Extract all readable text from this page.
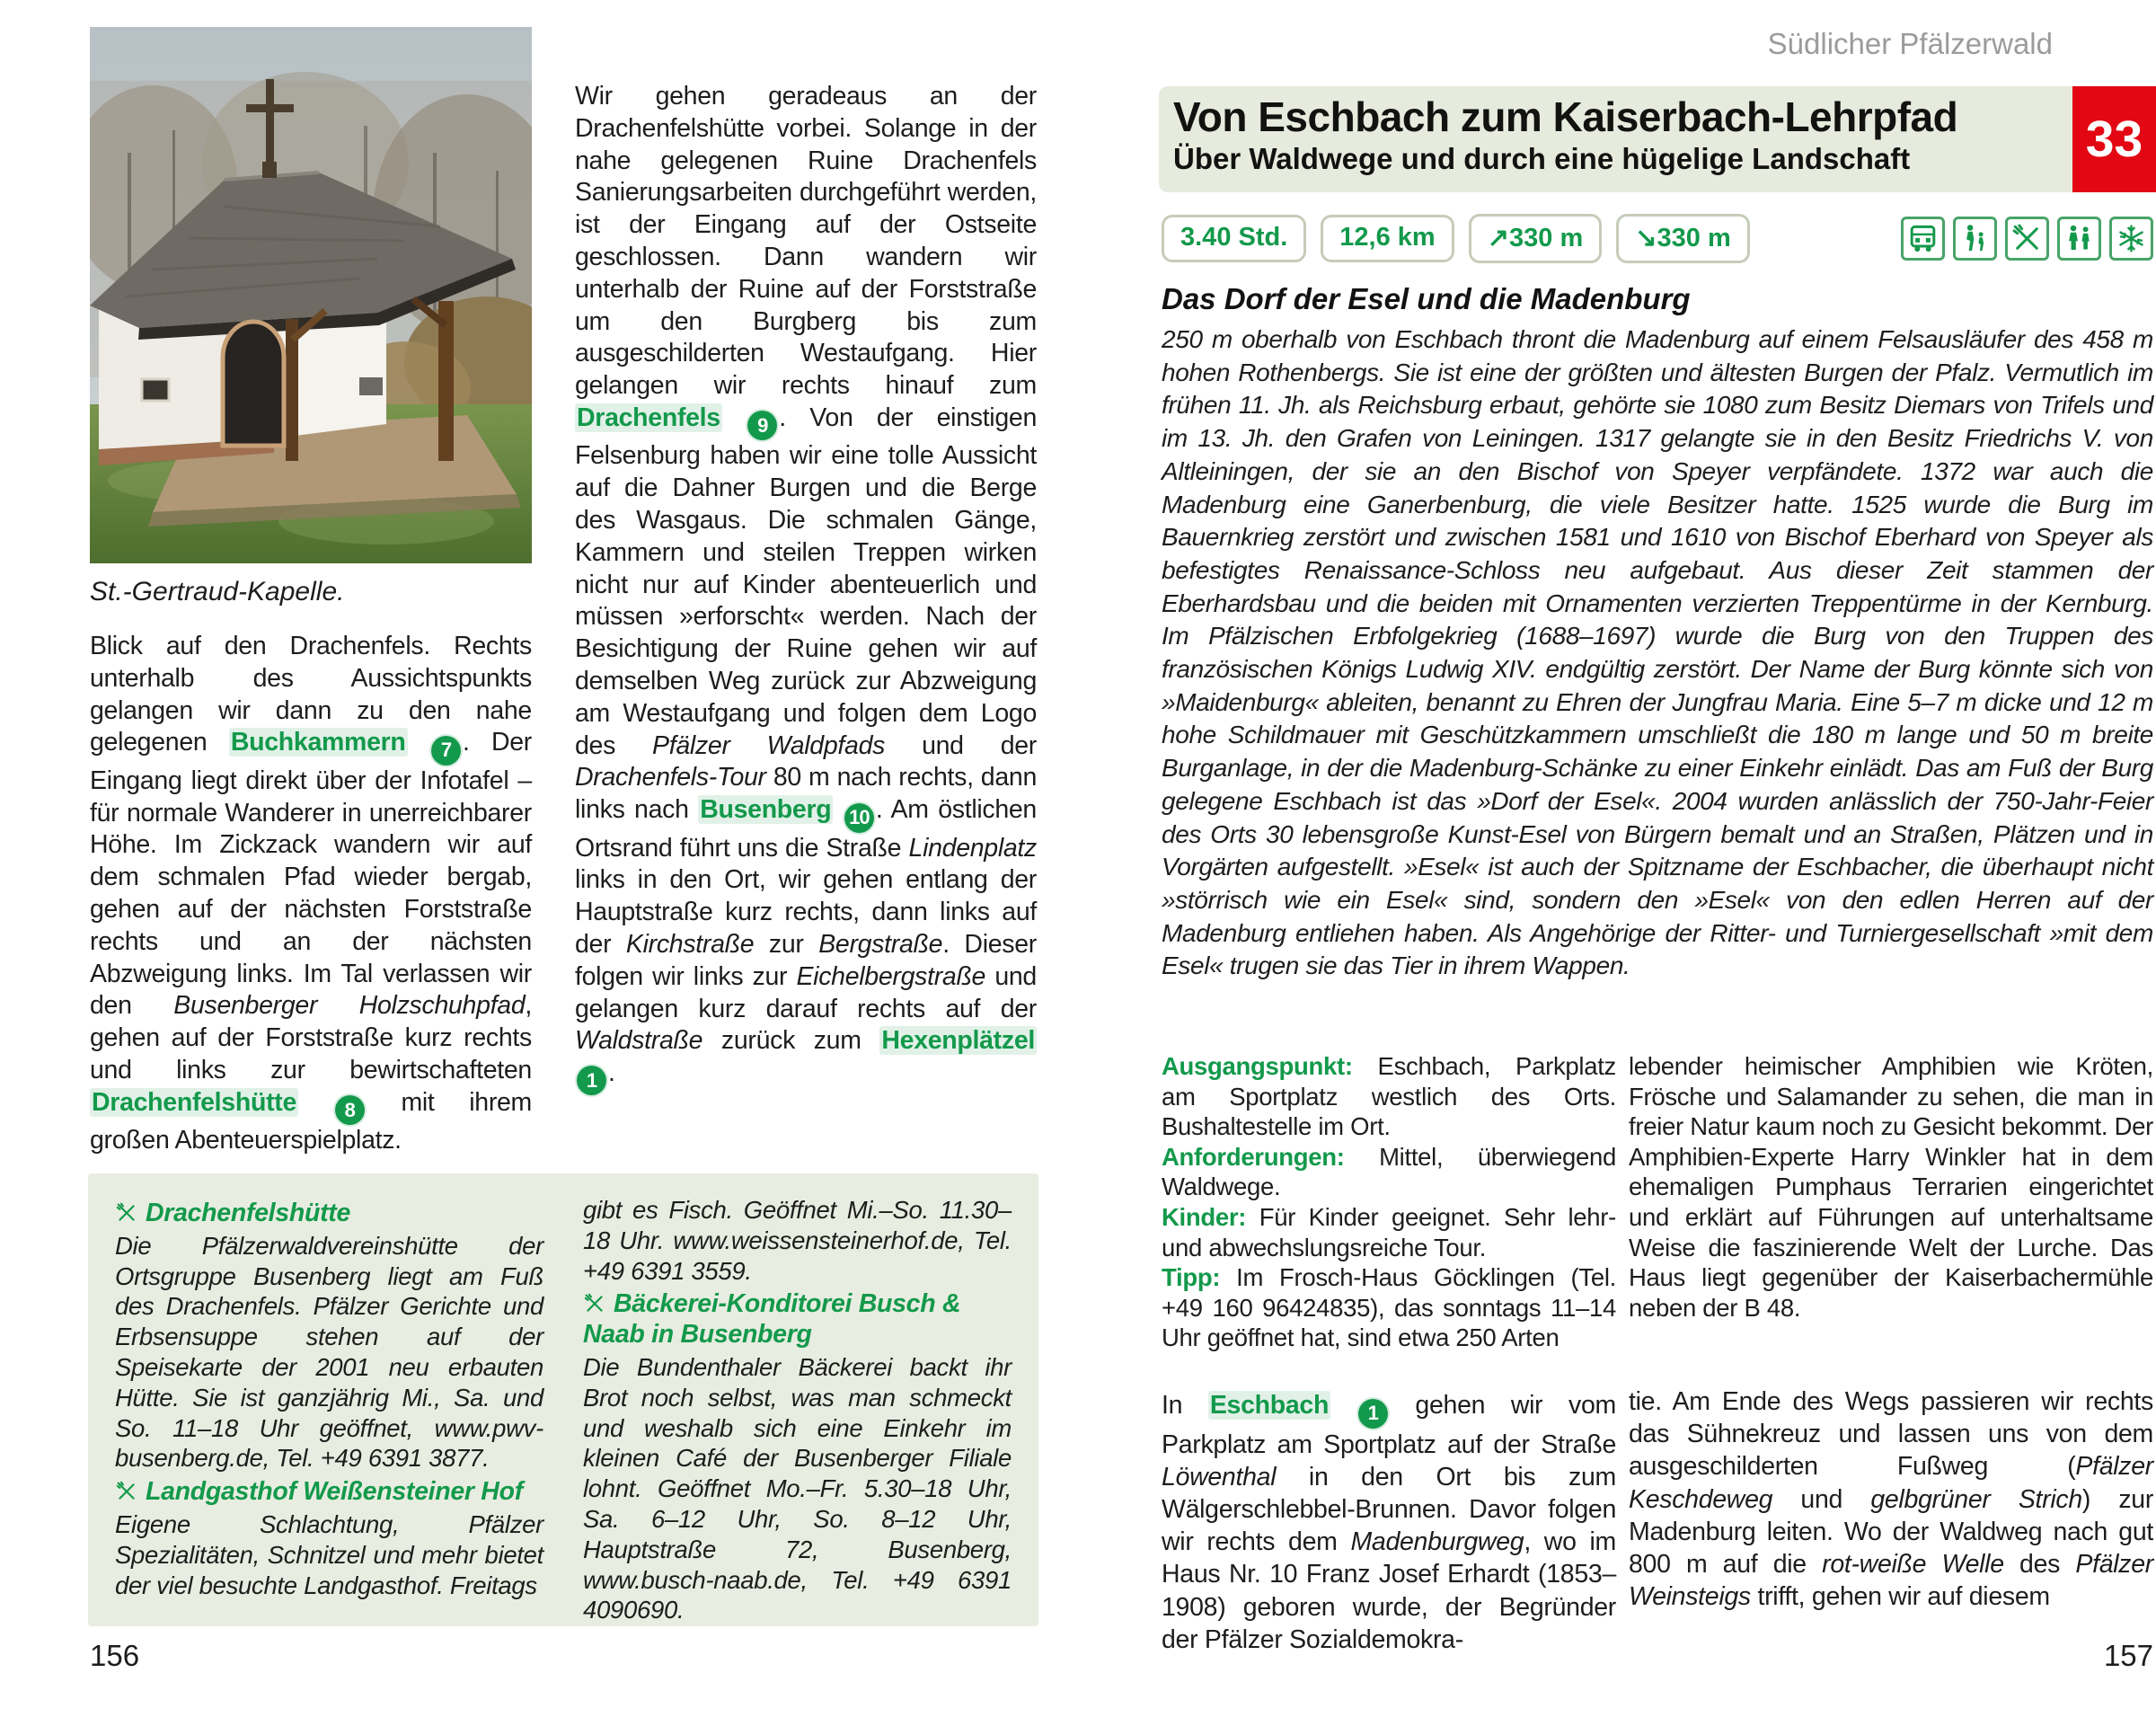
St.-Gertraud-Kapelle.
Blick auf den Drachenfels. Rechts unterhalb des Aussichtspunkts gelangen wir dann zu den nahe gelegenen Buchkammern 7 . Der Eingang liegt direkt über der Infotafel – für normale Wanderer in unerreichbarer Höhe. Im Zickzack wandern wir auf dem schmalen Pfad wieder bergab, gehen auf der nächsten Forststraße rechts und an der nächsten Abzweigung links. Im Tal verlassen wir den Busenberger Holzschuhpfad, gehen auf der Forststraße kurz rechts und links zur bewirtschafteten Drachenfelshütte 8 mit ihrem großen Abenteuerspielplatz.
Wir gehen geradeaus an der Drachenfelshütte vorbei. Solange in der nahe gelegenen Ruine Drachenfels Sanierungsarbeiten durchgeführt werden, ist der Eingang auf der Ostseite geschlossen. Dann wandern wir unterhalb der Ruine auf der Forststraße um den Burgberg bis zum ausgeschilderten Westaufgang. Hier gelangen wir rechts hinauf zum Drachenfels 9 . Von der einstigen Felsenburg haben wir eine tolle Aussicht auf die Dahner Burgen und die Berge des Wasgaus. Die schmalen Gänge, Kammern und steilen Treppen wirken nicht nur auf Kinder abenteuerlich und müssen »erforscht« werden. Nach der Besichtigung der Ruine gehen wir auf demselben Weg zurück zur Abzweigung am Westaufgang und folgen dem Logo des Pfälzer Waldpfads und der Drachenfels-Tour 80 m nach rechts, dann links nach Busenberg 10 . Am östlichen Ortsrand führt uns die Straße Lindenplatz links in den Ort, wir gehen entlang der Hauptstraße kurz rechts, dann links auf der Kirchstraße zur Bergstraße. Dieser folgen wir links zur Eichelbergstraße und gelangen kurz darauf rechts auf der Waldstraße zurück zum Hexenplätzel 1 .
Drachenfelshütte
Die Pfälzerwaldvereinshütte der Ortsgruppe Busenberg liegt am Fuß des Drachenfels. Pfälzer Gerichte und Erbsensuppe stehen auf der Speisekarte der 2001 neu erbauten Hütte. Sie ist ganzjährig Mi., Sa. und So. 11–18 Uhr geöffnet, www.pwv-busenberg.de, Tel. +49 6391 3877.
Landgasthof Weißensteiner Hof
Eigene Schlachtung, Pfälzer Spezialitäten, Schnitzel und mehr bietet der viel besuchte Landgasthof. Freitags
gibt es Fisch. Geöffnet Mi.–So. 11.30–18 Uhr. www.weissensteinerhof.de, Tel. +49 6391 3559.
Bäckerei-Konditorei Busch & Naab in Busenberg
Die Bundenthaler Bäckerei backt ihr Brot noch selbst, was man schmeckt und weshalb sich eine Einkehr im kleinen Café der Busenberger Filiale lohnt. Geöffnet Mo.–Fr. 5.30–18 Uhr, Sa. 6–12 Uhr, So. 8–12 Uhr, Hauptstraße 72, Busenberg, www.busch-naab.de, Tel. +49 6391 4090690.
156
Südlicher Pfälzerwald
Von Eschbach zum Kaiserbach-Lehrpfad
Über Waldwege und durch eine hügelige Landschaft	33
3.40 Std.	12,6 km	↗330 m	↘330 m
Das Dorf der Esel und die Madenburg

250 m oberhalb von Eschbach thront die Madenburg auf einem Felsausläufer des 458 m hohen Rothenbergs. Sie ist eine der größten und ältesten Burgen der Pfalz. Vermutlich im frühen 11. Jh. als Reichsburg erbaut, gehörte sie 1080 zum Besitz Diemars von Trifels und im 13. Jh. den Grafen von Leiningen. 1317 gelangte sie in den Besitz Friedrichs V. von Altleiningen, der sie an den Bischof von Speyer verpfändete. 1372 war auch die Madenburg eine Ganerbenburg, die viele Besitzer hatte. 1525 wurde die Burg im Bauernkrieg zerstört und zwischen 1581 und 1610 von Bischof Eberhard von Speyer als befestigtes Renaissance-Schloss neu aufgebaut. Aus dieser Zeit stammen der Eberhardsbau und die beiden mit Ornamenten verzierten Treppentürme in der Kernburg. Im Pfälzischen Erbfolgekrieg (1688–1697) wurde die Burg von den Truppen des französischen Königs Ludwig XIV. endgültig zerstört. Der Name der Burg könnte sich von »Maidenburg« ableiten, benannt zu Ehren der Jungfrau Maria. Eine 5–7 m dicke und 12 m hohe Schildmauer mit Geschützkammern umschließt die 180 m lange und 50 m breite Burganlage, in der die Madenburg-Schänke zu einer Einkehr einlädt. Das am Fuß der Burg gelegene Eschbach ist das »Dorf der Esel«. 2004 wurden anlässlich der 750-Jahr-Feier des Orts 30 lebensgroße Kunst-Esel von Bürgern bemalt und an Straßen, Plätzen und in Vorgärten aufgestellt. »Esel« ist auch der Spitzname der Eschbacher, die überhaupt nicht »störrisch wie ein Esel« sind, sondern den »Esel« von den edlen Herren auf der Madenburg entliehen haben. Als Angehörige der Ritter- und Turniergesellschaft »mit dem Esel« trugen sie das Tier in ihrem Wappen.

Ausgangspunkt: Eschbach, Parkplatz am Sportplatz westlich des Orts. Bushaltestelle im Ort.

Anforderungen: Mittel, überwiegend Waldwege.

Kinder: Für Kinder geeignet. Sehr lehr- und abwechslungsreiche Tour.

Tipp: Im Frosch-Haus Göcklingen (Tel. +49 160 96424835), das sonntags 11–14 Uhr geöffnet hat, sind etwa 250 Arten

lebender heimischer Amphibien wie Kröten, Frösche und Salamander zu sehen, die man in freier Natur kaum noch zu Gesicht bekommt. Der Amphibien-Experte Harry Winkler hat in dem ehemaligen Pumphaus Terrarien eingerichtet und erklärt auf Führungen auf unterhaltsame Weise die faszinierende Welt der Lurche. Das Haus liegt gegenüber der Kaiserbachermühle neben der B 48.
In Eschbach 1 gehen wir vom Parkplatz am Sportplatz auf der Straße Löwenthal in den Ort bis zum Wälgerschlebbel-Brunnen. Davor folgen wir rechts dem Madenburgweg, wo im Haus Nr. 10 Franz Josef Erhardt (1853–1908) geboren wurde, der Begründer der Pfälzer Sozialdemokra-
tie. Am Ende des Wegs passieren wir rechts das Sühnekreuz und lassen uns von dem ausgeschilderten Fußweg (Pfälzer Keschdeweg und gelbgrüner Strich) zur Madenburg leiten. Wo der Waldweg nach gut 800 m auf die rot-weiße Welle des Pfälzer Weinsteigs trifft, gehen wir auf diesem
157
